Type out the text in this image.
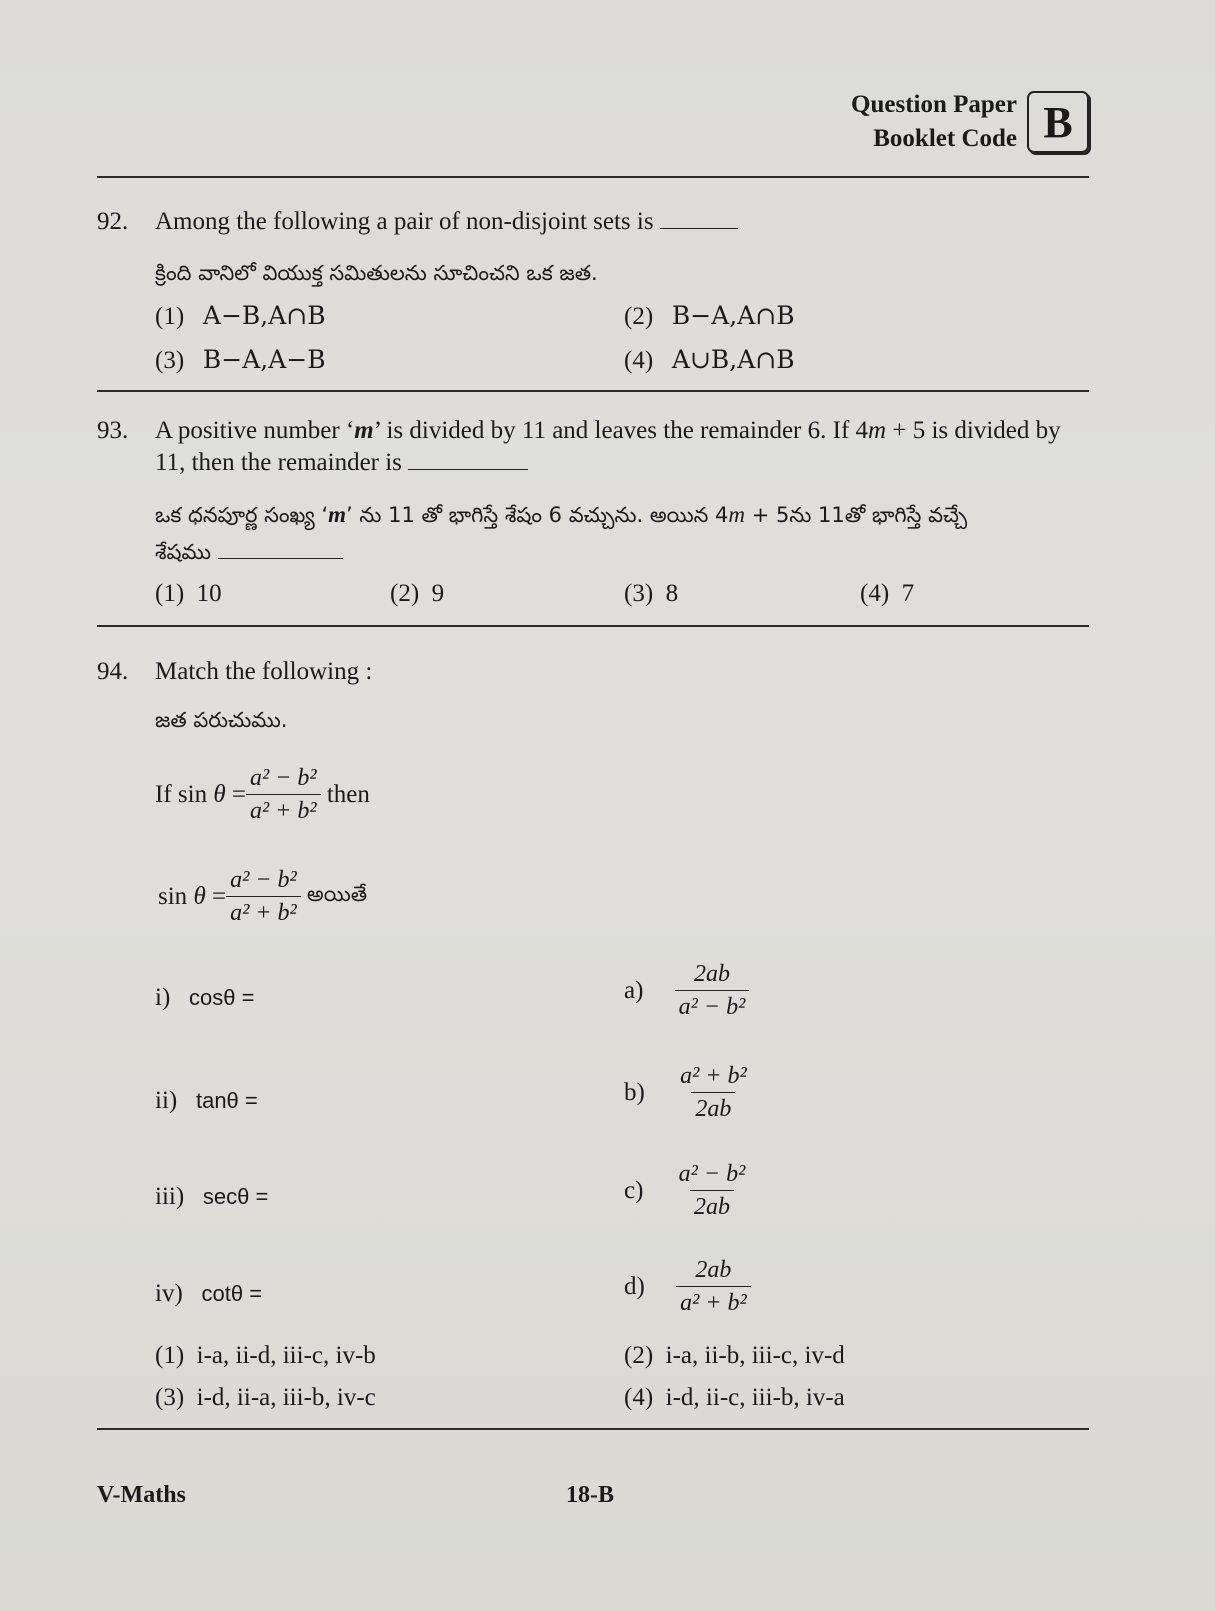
Question Paper
Booklet Code B
92. Among the following a pair of non-disjoint sets is
క్రింది వానిలో వియుక్త సమితులను సూచించని ఒక జత.
(1) A−B,A∩B	(2) B−A,A∩B
(3) B−A,A−B	(4) A∪B,A∩B
93. A positive number ‘m’ is divided by 11 and leaves the remainder 6. If 4m + 5 is divided by
11, then the remainder is
ఒక ధనపూర్ణ సంఖ్య ‘m’ ను 11 తో భాగిస్తే శేషం 6 వచ్చును. అయిన 4m + 5ను 11తో భాగిస్తే వచ్చే
శేషము
(1) 10	(2) 9	(3) 8	(4) 7
94. Match the following :
జత పరుచుము.
If sin
θ
= $\frac{\text{a² − b²}}{\text{a² + b²}}$
then
sin
θ
= $\frac{\text{a² − b²}}{\text{a² + b²}}$
అయితే
i) cosθ =	a)
$\frac{2ab}{\text{a² − b²}}$
ii) tanθ =	b)
$\frac{\text{a² + b²}}{2ab}$
iii) secθ =	c)
$\frac{\text{a² − b²}}{2ab}$
iv) cotθ =	d)
$\frac{2ab}{\text{a² + b²}}$
(1) i-a, ii-d, iii-c, iv-b	(2) i-a, ii-b, iii-c, iv-d
(3) i-d, ii-a, iii-b, iv-c	(4) i-d, ii-c, iii-b, iv-a
V-Maths	18-B
